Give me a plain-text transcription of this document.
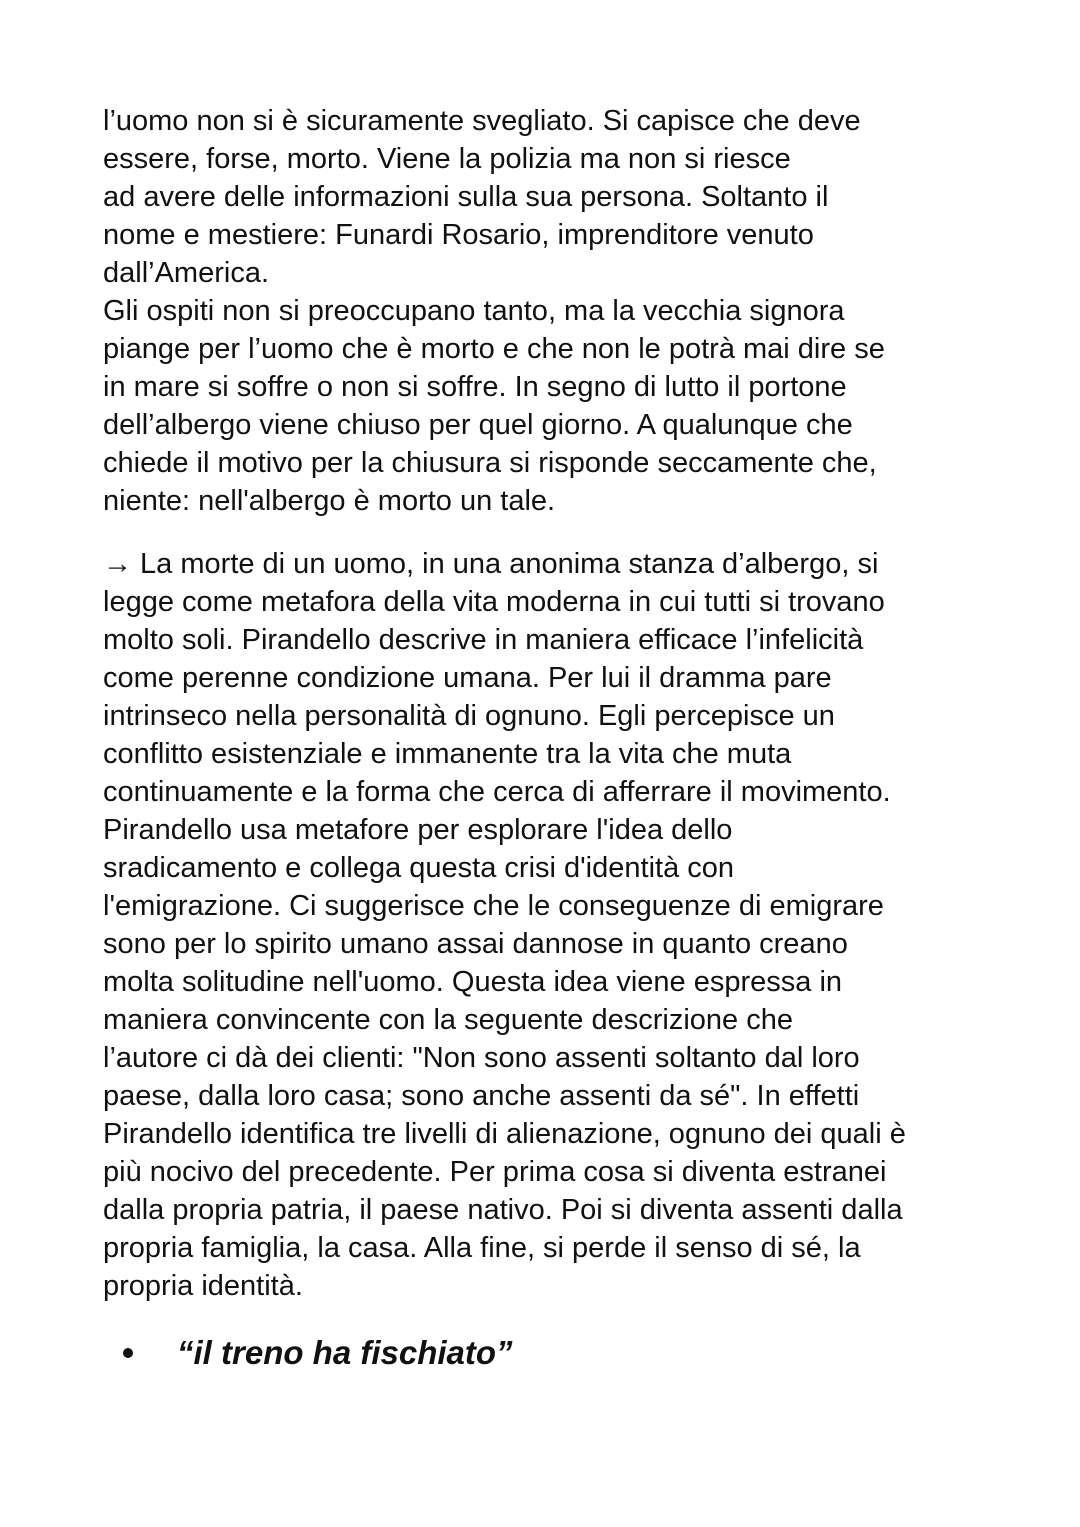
l’uomo non si è sicuramente svegliato. Si capisce che deve
essere, forse, morto. Viene la polizia ma non si riesce
ad avere delle informazioni sulla sua persona. Soltanto il
nome e mestiere: Funardi Rosario, imprenditore venuto
dall’America.
Gli ospiti non si preoccupano tanto, ma la vecchia signora
piange per l’uomo che è morto e che non le potrà mai dire se
in mare si soffre o non si soffre. In segno di lutto il portone
dell’albergo viene chiuso per quel giorno. A qualunque che
chiede il motivo per la chiusura si risponde seccamente che,
niente: nell'albergo è morto un tale.
→ La morte di un uomo, in una anonima stanza d’albergo, si
legge come metafora della vita moderna in cui tutti si trovano
molto soli. Pirandello descrive in maniera efficace l’infelicità
come perenne condizione umana. Per lui il dramma pare
intrinseco nella personalità di ognuno. Egli percepisce un
conflitto esistenziale e immanente tra la vita che muta
continuamente e la forma che cerca di afferrare il movimento.
Pirandello usa metafore per esplorare l'idea dello
sradicamento e collega questa crisi d'identità con
l'emigrazione. Ci suggerisce che le conseguenze di emigrare
sono per lo spirito umano assai dannose in quanto creano
molta solitudine nell'uomo. Questa idea viene espressa in
maniera convincente con la seguente descrizione che
l’autore ci dà dei clienti: "Non sono assenti soltanto dal loro
paese, dalla loro casa; sono anche assenti da sé". In effetti
Pirandello identifica tre livelli di alienazione, ognuno dei quali è
più nocivo del precedente. Per prima cosa si diventa estranei
dalla propria patria, il paese nativo. Poi si diventa assenti dalla
propria famiglia, la casa. Alla fine, si perde il senso di sé, la
propria identità.
“il treno ha fischiato”
